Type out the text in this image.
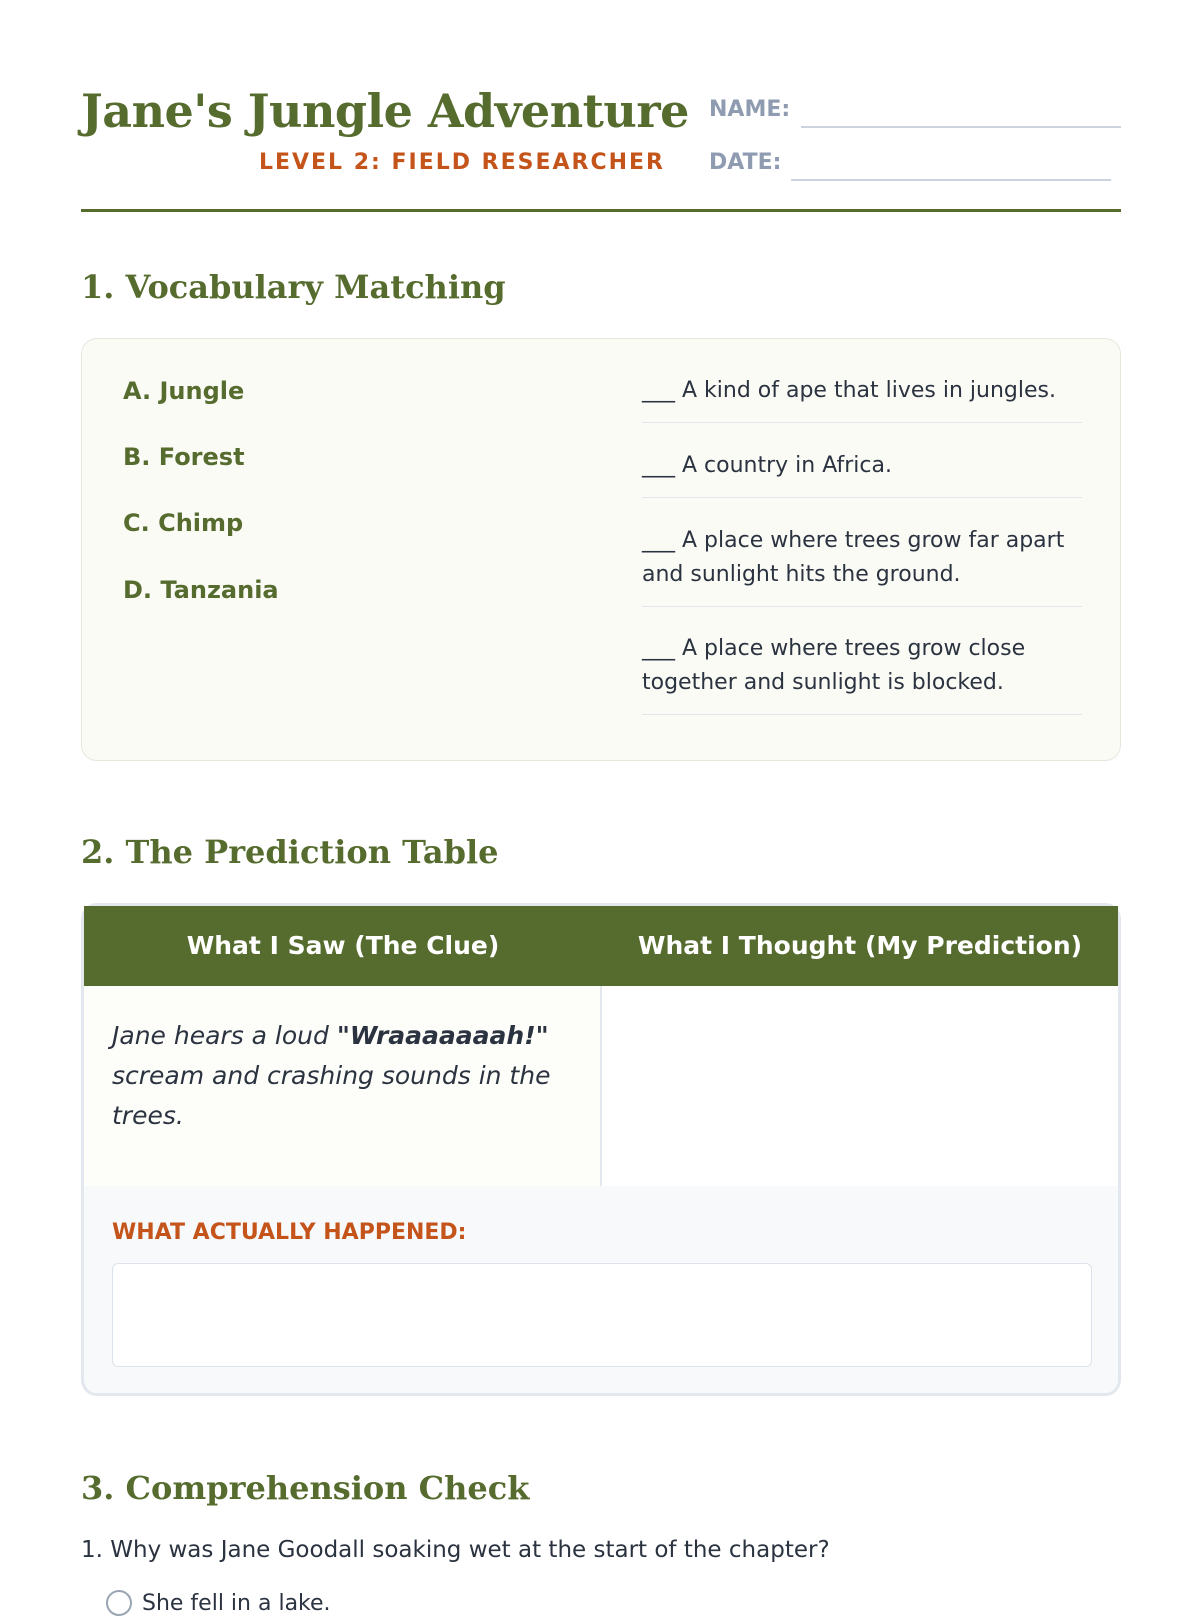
Jane's Jungle Adventure
LEVEL 2: FIELD RESEARCHER
NAME:
DATE:
1. Vocabulary Matching
A. Jungle
B. Forest
C. Chimp
D. Tanzania
___ A kind of ape that lives in jungles.
___ A country in Africa.
___ A place where trees grow far apart and sunlight hits the ground.
___ A place where trees grow close together and sunlight is blocked.
2. The Prediction Table
What I Saw (The Clue)	What I Thought (My Prediction)
Jane hears a loud "Wraaaaaaah!" scream and crashing sounds in the trees.
WHAT ACTUALLY HAPPENED:
3. Comprehension Check
1. Why was Jane Goodall soaking wet at the start of the chapter?
She fell in a lake.
